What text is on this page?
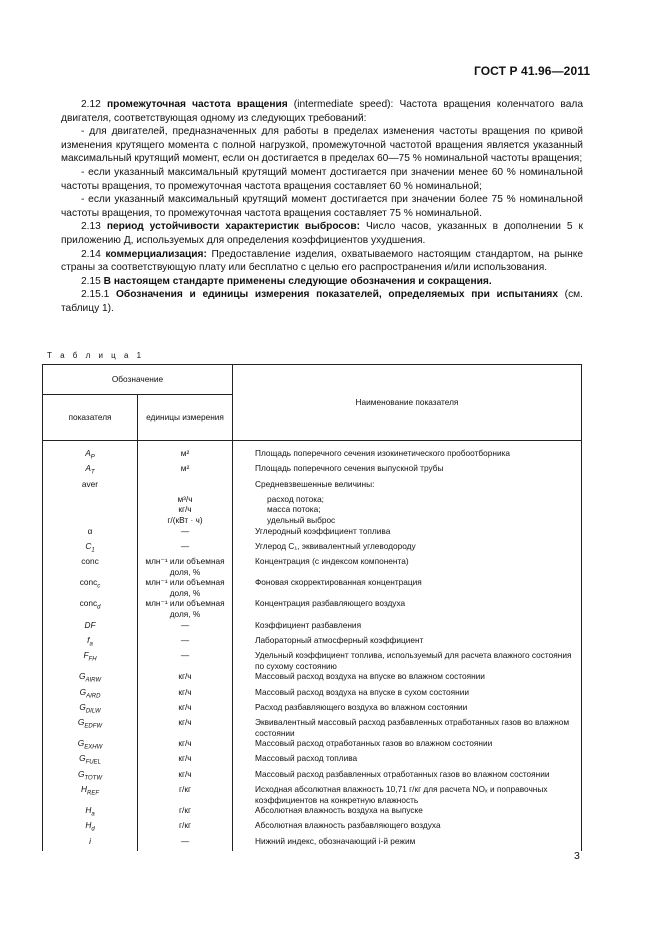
ГОСТ Р 41.96—2011

2.12 промежуточная частота вращения (intermediate speed): Частота вращения коленчатого вала двигателя, соответствующая одному из следующих требований:

- для двигателей, предназначенных для работы в пределах изменения частоты вращения по кривой изменения крутящего момента с полной нагрузкой, промежуточной частотой вращения является указанный максимальный крутящий момент, если он достигается в пределах 60—75 % номинальной частоты вращения;

- если указанный максимальный крутящий момент достигается при значении менее 60 % номинальной частоты вращения, то промежуточная частота вращения составляет 60 % номинальной;

- если указанный максимальный крутящий момент достигается при значении более 75 % номинальной частоты вращения, то промежуточная частота вращения составляет 75 % номинальной.

2.13 период устойчивости характеристик выбросов: Число часов, указанных в дополнении 5 к приложению Д, используемых для определения коэффициентов ухудшения.

2.14 коммерциализация: Предоставление изделия, охватываемого настоящим стандартом, на рынке страны за соответствующую плату или бесплатно с целью его распространения и/или использования.

2.15 В настоящем стандарте применены следующие обозначения и сокращения.

2.15.1 Обозначения и единицы измерения показателей, определяемых при испытаниях (см. таблицу 1).

Т а б л и ц а 1
Обозначение		Наименование показателя
показателя	единицы измерения	
$A_P$	м²	Площадь поперечного сечения изокинетического пробоотборника
$A_T$	м²	Площадь поперечного сечения выпускной трубы
aver		Средневзвешенные величины:
	м³/ч	расход потока;

	кг/ч	масса потока;

	г/(кВт · ч)	удельный выброс

α	—	Углеродный коэффициент топлива
$C_1$	—	Углерод C₁, эквивалентный углеводороду
conc	млн⁻¹ или объемная доля, %	Концентрация (с индексом компонента)
conc$_c$	млн⁻¹ или объемная доля, %	Фоновая скорректированная концентрация
conc$_d$	млн⁻¹ или объемная доля, %	Концентрация разбавляющего воздуха
DF	—	Коэффициент разбавления
$f_a$	—	Лабораторный атмосферный коэффициент
$F_{FH}$	—	Удельный коэффициент топлива, используемый для расчета влажного состояния по сухому состоянию
$G_{AIRW}$	кг/ч	Массовый расход воздуха на впуске во влажном состоянии
$G_{AIRD}$	кг/ч	Массовый расход воздуха на впуске в сухом состоянии
$G_{DILW}$	кг/ч	Расход разбавляющего воздуха во влажном состоянии
$G_{EDFW}$	кг/ч	Эквивалентный массовый расход разбавленных отработанных газов во влажном состоянии
$G_{EXHW}$	кг/ч	Массовый расход отработанных газов во влажном состоянии
$G_{FUEL}$	кг/ч	Массовый расход топлива
$G_{TOTW}$	кг/ч	Массовый расход разбавленных отработанных газов во влажном состоянии
$H_{REF}$	г/кг	Исходная абсолютная влажность 10,71 г/кг для расчета NOₓ и поправочных коэффициентов на конкретную влажность
$H_a$	г/кг	Абсолютная влажность воздуха на выпуске
$H_d$	г/кг	Абсолютная влажность разбавляющего воздуха
i	—	Нижний индекс, обозначающий i-й режим
3
